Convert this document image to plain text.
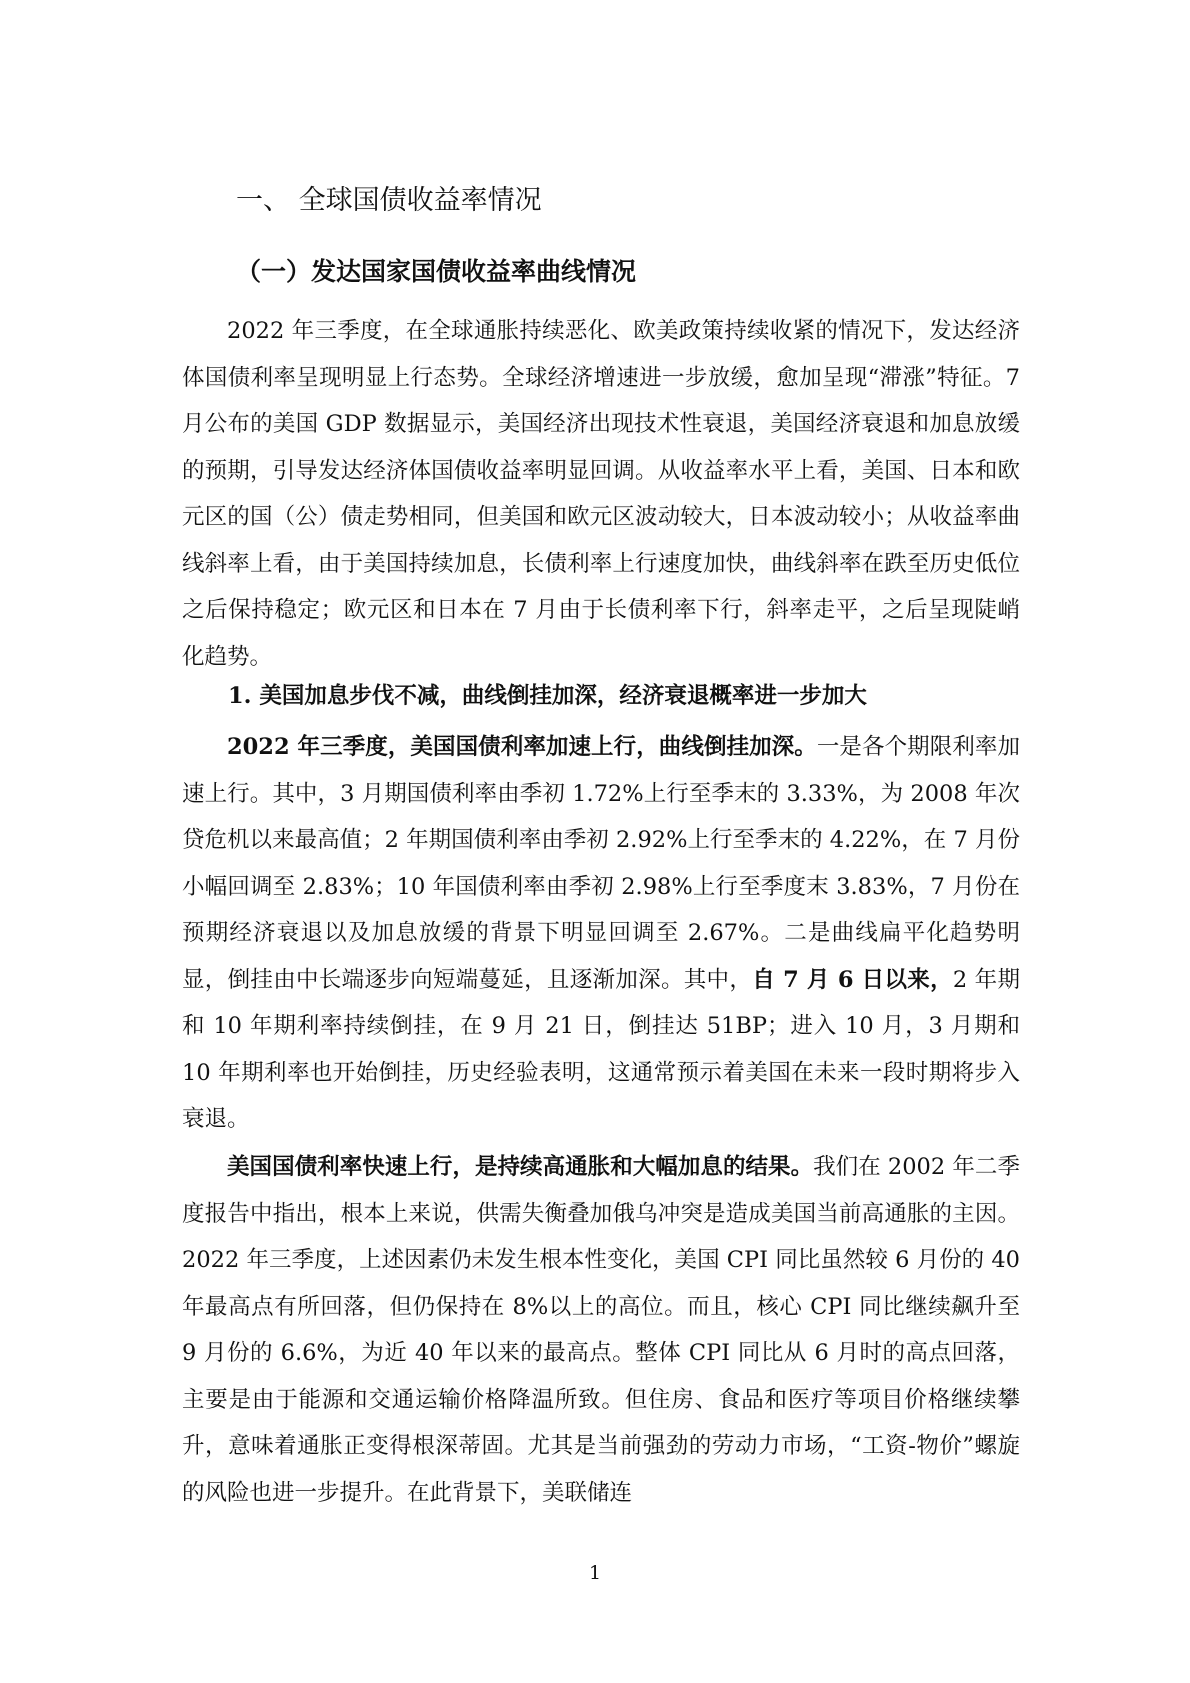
一、 全球国债收益率情况
（一）发达国家国债收益率曲线情况

2022 年三季度，在全球通胀持续恶化、欧美政策持续收紧的情况下，发达经济体国债利率呈现明显上行态势。全球经济增速进一步放缓，愈加呈现“滞涨”特征。7 月公布的美国 GDP 数据显示，美国经济出现技术性衰退，美国经济衰退和加息放缓的预期，引导发达经济体国债收益率明显回调。从收益率水平上看，美国、日本和欧元区的国（公）债走势相同，但美国和欧元区波动较大，日本波动较小；从收益率曲线斜率上看，由于美国持续加息，长债利率上行速度加快，曲线斜率在跌至历史低位之后保持稳定；欧元区和日本在 7 月由于长债利率下行，斜率走平，之后呈现陡峭化趋势。

1. 美国加息步伐不减，曲线倒挂加深，经济衰退概率进一步加大

2022 年三季度，美国国债利率加速上行，曲线倒挂加深。一是各个期限利率加速上行。其中，3 月期国债利率由季初 1.72%上行至季末的 3.33%，为 2008 年次贷危机以来最高值；2 年期国债利率由季初 2.92%上行至季末的 4.22%，在 7 月份小幅回调至 2.83%；10 年国债利率由季初 2.98%上行至季度末 3.83%，7 月份在预期经济衰退以及加息放缓的背景下明显回调至 2.67%。二是曲线扁平化趋势明显，倒挂由中长端逐步向短端蔓延，且逐渐加深。其中，自 7 月 6 日以来，2 年期和 10 年期利率持续倒挂，在 9 月 21 日，倒挂达 51BP；进入 10 月，3 月期和 10 年期利率也开始倒挂，历史经验表明，这通常预示着美国在未来一段时期将步入衰退。

美国国债利率快速上行，是持续高通胀和大幅加息的结果。我们在 2002 年二季度报告中指出，根本上来说，供需失衡叠加俄乌冲突是造成美国当前高通胀的主因。2022 年三季度，上述因素仍未发生根本性变化，美国 CPI 同比虽然较 6 月份的 40 年最高点有所回落，但仍保持在 8%以上的高位。而且，核心 CPI 同比继续飙升至 9 月份的 6.6%，为近 40 年以来的最高点。整体 CPI 同比从 6 月时的高点回落，主要是由于能源和交通运输价格降温所致。但住房、食品和医疗等项目价格继续攀升，意味着通胀正变得根深蒂固。尤其是当前强劲的劳动力市场，“工资-物价”螺旋的风险也进一步提升。在此背景下，美联储连

1
